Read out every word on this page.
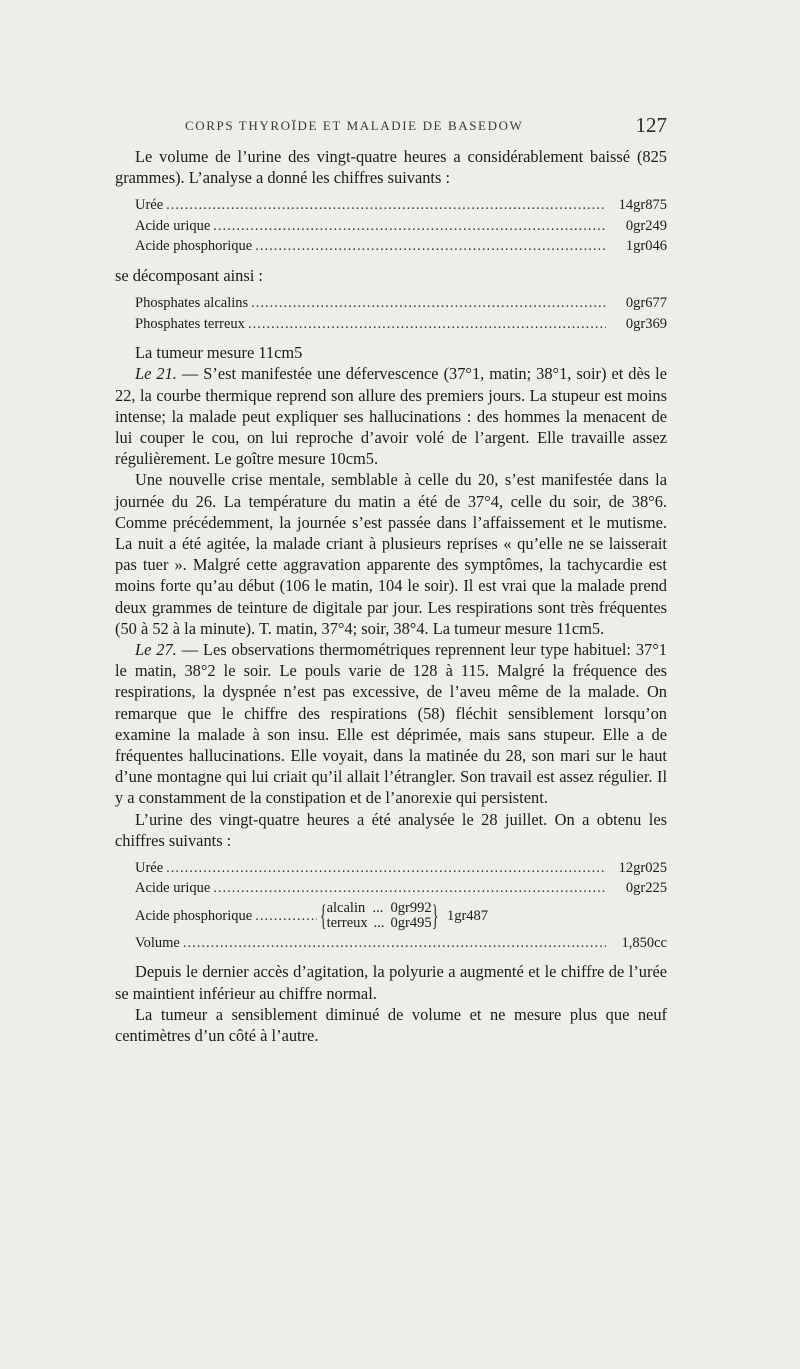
CORPS THYROÏDE ET MALADIE DE BASEDOW	127

Le volume de l’urine des vingt-quatre heures a considérablement baissé (825 grammes). L’analyse a donné les chiffres suivants :

Urée .....	14gr875
Acide urique .....	0gr249
Acide phosphorique .....	1gr046

se décomposant ainsi :

Phosphates alcalins .....	0gr677
Phosphates terreux .....	0gr369

La tumeur mesure 11cm5

Le 21. — S’est manifestée une défervescence (37°1, matin; 38°1, soir) et dès le 22, la courbe thermique reprend son allure des premiers jours. La stupeur est moins intense; la malade peut expliquer ses hallucinations : des hommes la menacent de lui couper le cou, on lui reproche d’avoir volé de l’argent. Elle travaille assez régulièrement. Le goître mesure 10cm5.

Une nouvelle crise mentale, semblable à celle du 20, s’est manifestée dans la journée du 26. La température du matin a été de 37°4, celle du soir, de 38°6. Comme précédemment, la journée s’est passée dans l’affaissement et le mutisme. La nuit a été agitée, la malade criant à plusieurs reprises « qu’elle ne se laisserait pas tuer ». Malgré cette aggravation apparente des symptômes, la tachycardie est moins forte qu’au début (106 le matin, 104 le soir). Il est vrai que la malade prend deux grammes de teinture de digitale par jour. Les respirations sont très fréquentes (50 à 52 à la minute). T. matin, 37°4; soir, 38°4. La tumeur mesure 11cm5.

Le 27. — Les observations thermométriques reprennent leur type habituel: 37°1 le matin, 38°2 le soir. Le pouls varie de 128 à 115. Malgré la fréquence des respirations, la dyspnée n’est pas excessive, de l’aveu même de la malade. On remarque que le chiffre des respirations (58) fléchit sensiblement lorsqu’on examine la malade à son insu. Elle est déprimée, mais sans stupeur. Elle a de fréquentes hallucinations. Elle voyait, dans la matinée du 28, son mari sur le haut d’une montagne qui lui criait qu’il allait l’étrangler. Son travail est assez régulier. Il y a constamment de la constipation et de l’anorexie qui persistent.

L’urine des vingt-quatre heures a été analysée le 28 juillet. On a obtenu les chiffres suivants :

Urée .....	12gr025
Acide urique .....	0gr225
Acide phosphorique ..... { alcalin ... 0gr992
terreux ... 0gr495 } 1gr487
Volume .....	1,850cc

Depuis le dernier accès d’agitation, la polyurie a augmenté et le chiffre de l’urée se maintient inférieur au chiffre normal.

La tumeur a sensiblement diminué de volume et ne mesure plus que neuf centimètres d’un côté à l’autre.
